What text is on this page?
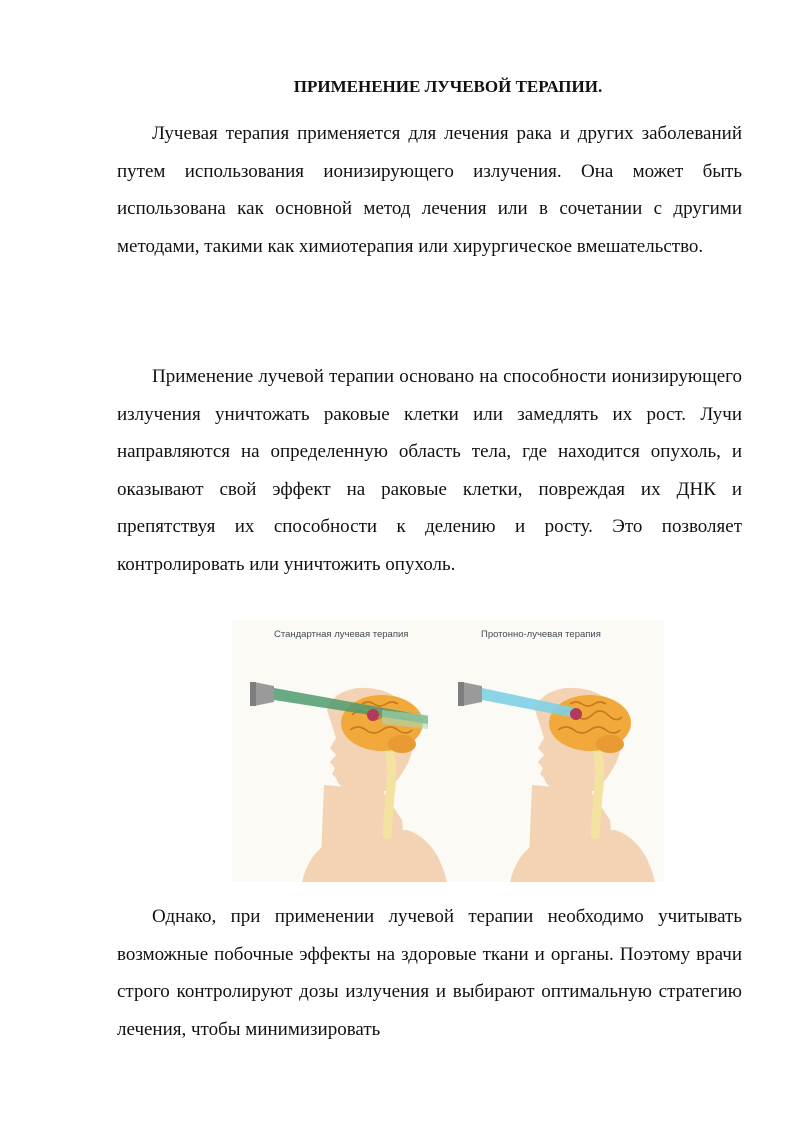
ПРИМЕНЕНИЕ ЛУЧЕВОЙ ТЕРАПИИ.

Лучевая терапия применяется для лечения рака и других заболеваний путем использования ионизирующего излучения. Она может быть использована как основной метод лечения или в сочетании с другими методами, такими как химиотерапия или хирургическое вмешательство.

Применение лучевой терапии основано на способности ионизирующего излучения уничтожать раковые клетки или замедлять их рост. Лучи направляются на определенную область тела, где находится опухоль, и оказывают свой эффект на раковые клетки, повреждая их ДНК и препятствуя их способности к делению и росту. Это позволяет контролировать или уничтожить опухоль.

Стандартная лучевая терапия	Протонно-лучевая терапия

Однако, при применении лучевой терапии необходимо учитывать возможные побочные эффекты на здоровые ткани и органы. Поэтому врачи строго контролируют дозы излучения и выбирают оптимальную стратегию лечения, чтобы минимизировать
